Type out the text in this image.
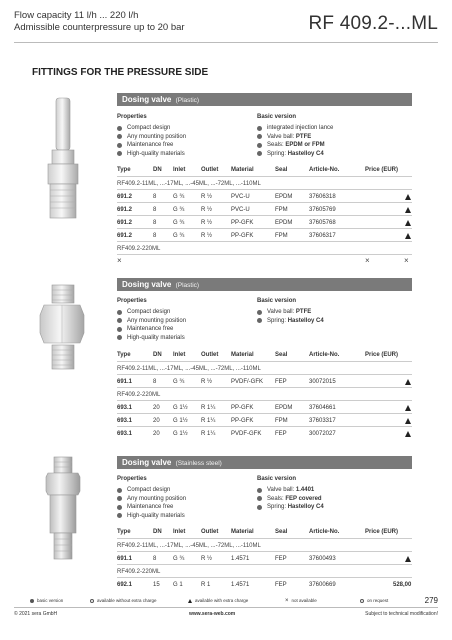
Flow capacity 11 l/h ... 220 l/h
Admissible counterpressure up to 20 bar	RF 409.2-...ML
FITTINGS FOR THE PRESSURE SIDE
Dosing valve (Plastic)
Properties	Basic version
Compact design
Any mounting position
Maintenance free
High-quality materials
integrated injection lance
Valve ball: PTFE
Seals: EPDM or FPM
Spring: Hastelloy C4
Type	DN Inlet	Outlet Material	Seal	Article-No.	Price (EUR)
RF409.2-11ML, ...-17ML, ...-45ML, ...-72ML, ...-110ML
691.2	8	G ¾	R ½	PVC-U	EPDM	37606318
691.2	8	G ¾	R ½	PVC-U	FPM	37605769
691.2	8	G ¾	R ½	PP-GFK	EPDM	37605768
691.2	8	G ¾	R ½	PP-GFK	FPM	37606317
RF409.2-220ML
×	×	×
Dosing valve (Plastic)
Properties	Basic version
Compact design
Any mounting position
Maintenance free
High-quality materials
Valve ball: PTFE
Spring: Hastelloy C4
Type	DN Inlet	Outlet Material	Seal	Article-No.	Price (EUR)
RF409.2-11ML, ...-17ML, ...-45ML, ...-72ML, ...-110ML
691.1	8	G ¾	R ½	PVDF/-GFK FEP	30072015
RF409.2-220ML
693.1	20 G 1½ R 1¼	PP-GFK	EPDM	37604661
693.1	20 G 1½ R 1¼	PP-GFK	FPM	37603317
693.1	20 G 1½ R 1¼	PVDF-GFK FEP	30072027
Dosing valve (Stainless steel)
Properties	Basic version
Compact design
Any mounting position
Maintenance free
High-quality materials
Valve ball: 1.4401
Seals: FEP covered
Spring: Hastelloy C4
Type	DN Inlet	Outlet Material	Seal	Article-No.	Price (EUR)
RF409.2-11ML, ...-17ML, ...-45ML, ...-72ML, ...-110ML
691.1	8	G ¾	R ½	1.4571	FEP	37600493
RF409.2-220ML
692.1	15 G 1	R 1	1.4571	FEP	37600669	528,00
basic version	available without extra charge	available with extra charge	× not available	on request	279
© 2021 sera GmbH	www.sera-web.com	Subject to technical modification!
